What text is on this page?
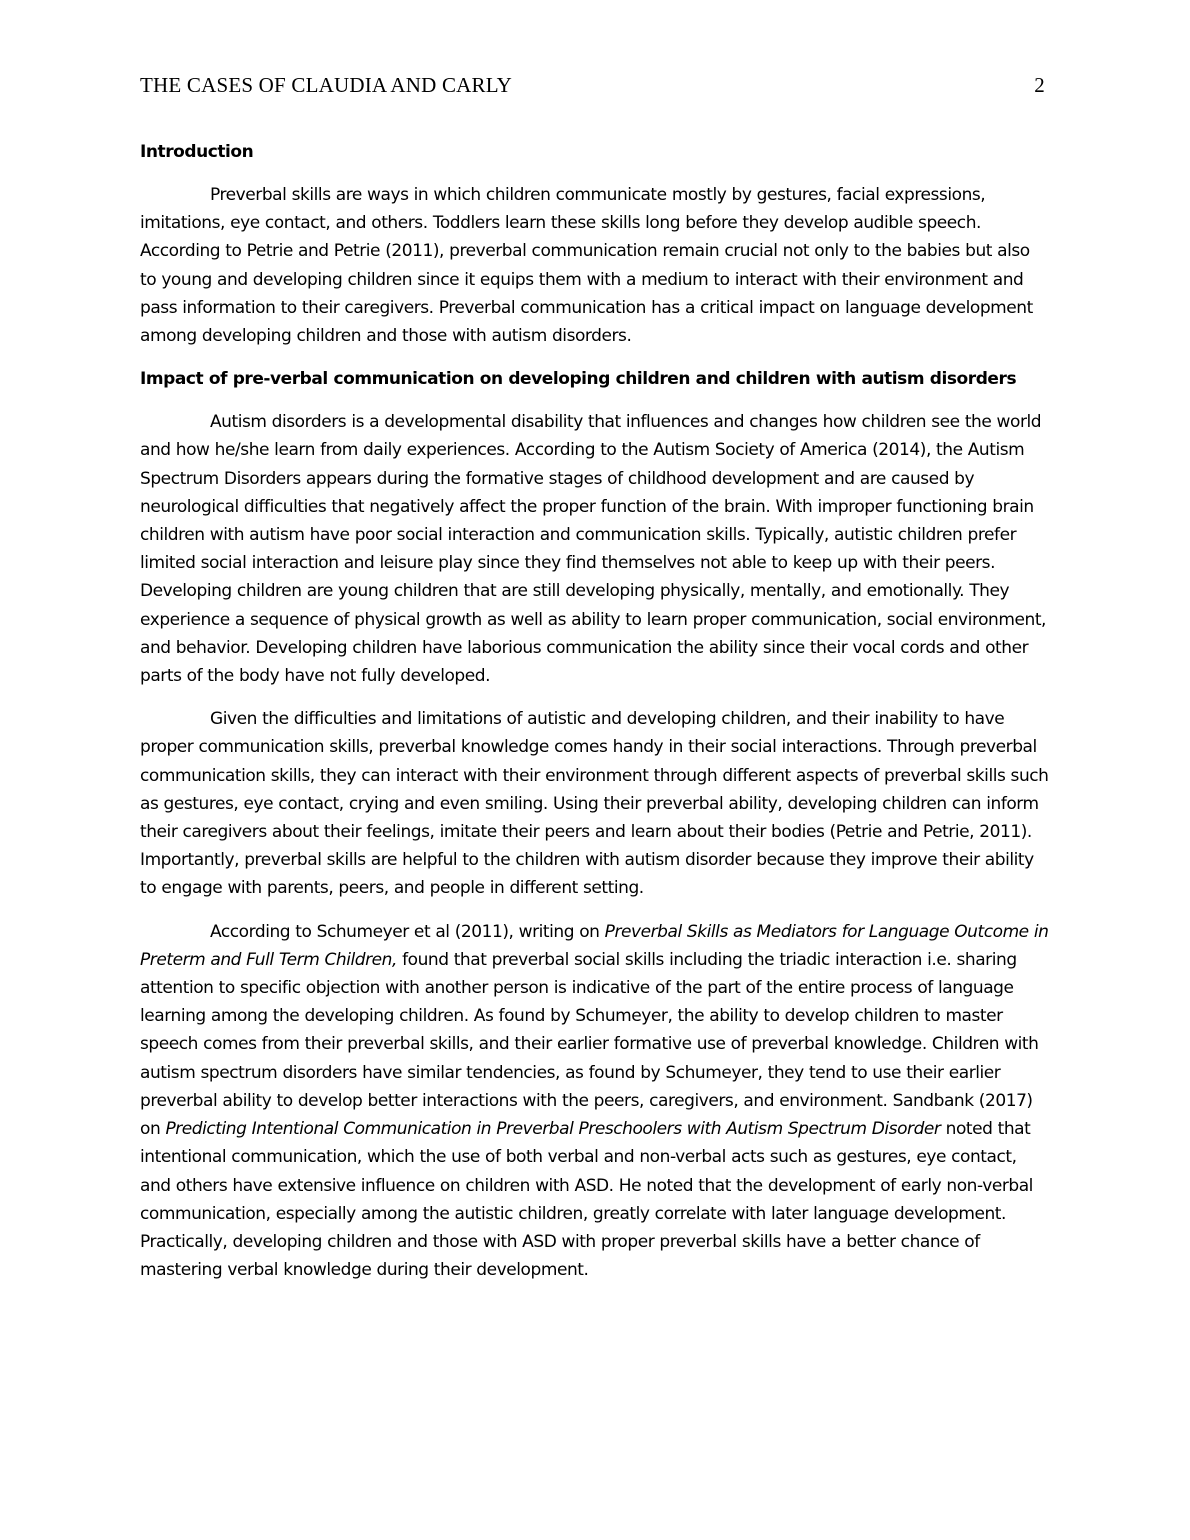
THE CASES OF CLAUDIA AND CARLY	2
Introduction

Preverbal skills are ways in which children communicate mostly by gestures, facial expressions, imitations, eye contact, and others. Toddlers learn these skills long before they develop audible speech. According to Petrie and Petrie (2011), preverbal communication remain crucial not only to the babies but also to young and developing children since it equips them with a medium to interact with their environment and pass information to their caregivers. Preverbal communication has a critical impact on language development among developing children and those with autism disorders.

Impact of pre-verbal communication on developing children and children with autism disorders

Autism disorders is a developmental disability that influences and changes how children see the world and how he/she learn from daily experiences. According to the Autism Society of America (2014), the Autism Spectrum Disorders appears during the formative stages of childhood development and are caused by neurological difficulties that negatively affect the proper function of the brain. With improper functioning brain children with autism have poor social interaction and communication skills. Typically, autistic children prefer limited social interaction and leisure play since they find themselves not able to keep up with their peers. Developing children are young children that are still developing physically, mentally, and emotionally. They experience a sequence of physical growth as well as ability to learn proper communication, social environment, and behavior. Developing children have laborious communication the ability since their vocal cords and other parts of the body have not fully developed.

Given the difficulties and limitations of autistic and developing children, and their inability to have proper communication skills, preverbal knowledge comes handy in their social interactions. Through preverbal communication skills, they can interact with their environment through different aspects of preverbal skills such as gestures, eye contact, crying and even smiling. Using their preverbal ability, developing children can inform their caregivers about their feelings, imitate their peers and learn about their bodies (Petrie and Petrie, 2011). Importantly, preverbal skills are helpful to the children with autism disorder because they improve their ability to engage with parents, peers, and people in different setting.

According to Schumeyer et al (2011), writing on Preverbal Skills as Mediators for Language Outcome in Preterm and Full Term Children, found that preverbal social skills including the triadic interaction i.e. sharing attention to specific objection with another person is indicative of the part of the entire process of language learning among the developing children. As found by Schumeyer, the ability to develop children to master speech comes from their preverbal skills, and their earlier formative use of preverbal knowledge. Children with autism spectrum disorders have similar tendencies, as found by Schumeyer, they tend to use their earlier preverbal ability to develop better interactions with the peers, caregivers, and environment. Sandbank (2017) on Predicting Intentional Communication in Preverbal Preschoolers with Autism Spectrum Disorder noted that intentional communication, which the use of both verbal and non-verbal acts such as gestures, eye contact, and others have extensive influence on children with ASD. He noted that the development of early non-verbal communication, especially among the autistic children, greatly correlate with later language development. Practically, developing children and those with ASD with proper preverbal skills have a better chance of mastering verbal knowledge during their development.
